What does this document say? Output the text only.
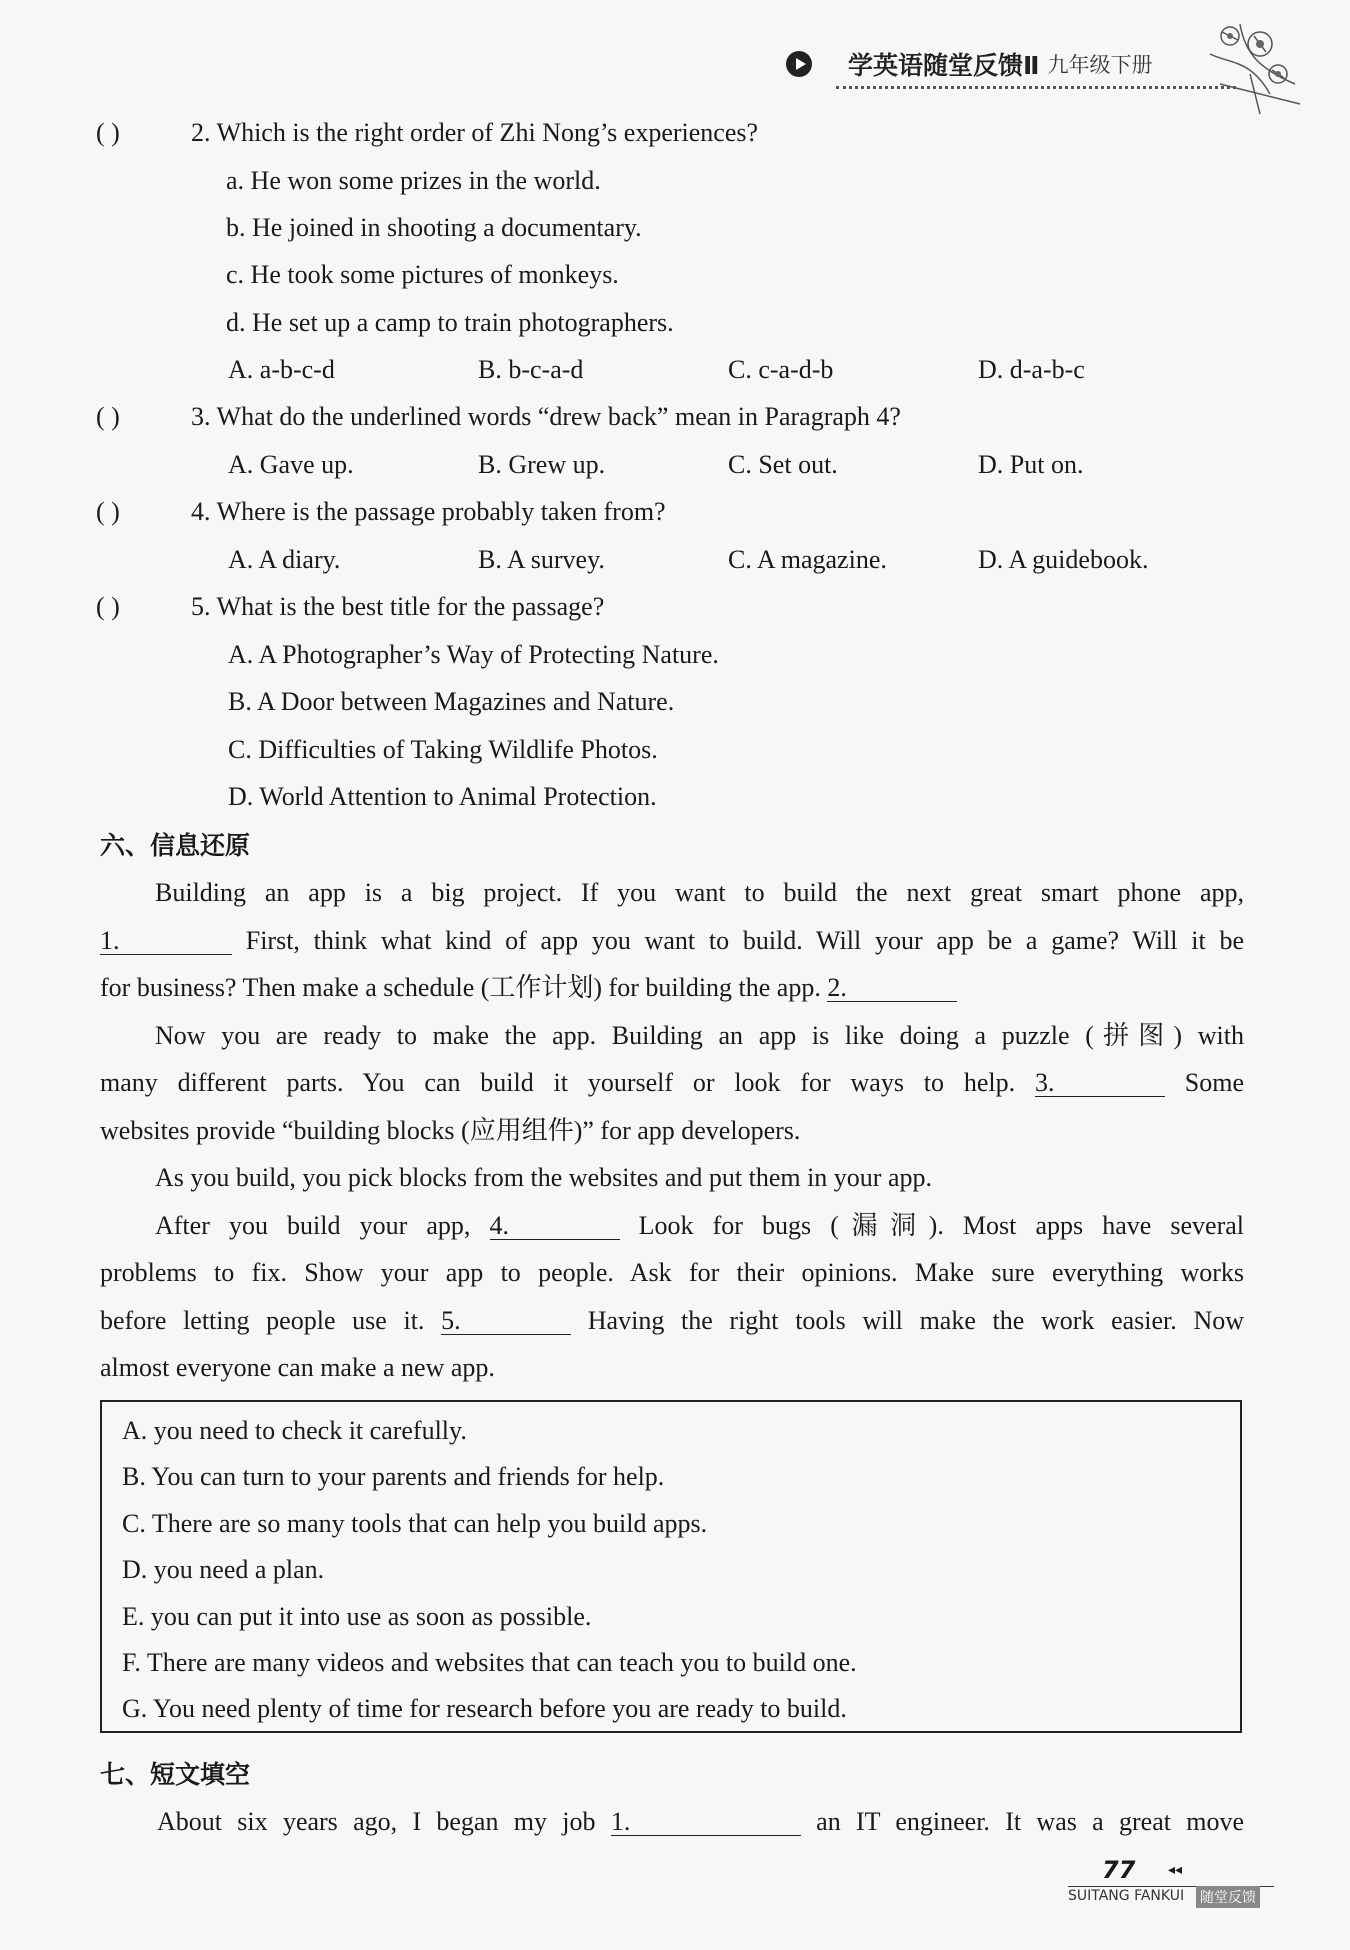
学英语随堂反馈Ⅱ 九年级下册
( )	2. Which is the right order of Zhi Nong’s experiences?
a. He won some prizes in the world.
b. He joined in shooting a documentary.
c. He took some pictures of monkeys.
d. He set up a camp to train photographers.
A. a-b-c-d	B. b-c-a-d	C. c-a-d-b	D. d-a-b-c
( )	3. What do the underlined words “drew back” mean in Paragraph 4?
A. Gave up.	B. Grew up.	C. Set out.	D. Put on.
( )	4. Where is the passage probably taken from?
A. A diary.	B. A survey.	C. A magazine.	D. A guidebook.
( )	5. What is the best title for the passage?
A. A Photographer’s Way of Protecting Nature.
B. A Door between Magazines and Nature.
C. Difficulties of Taking Wildlife Photos.
D. World Attention to Animal Protection.
六、信息还原
Building an app is a big project. If you want to build the next great smart phone app,
1.	First, think what kind of app you want to build. Will your app be a game? Will it be
for business? Then make a schedule (工作计划) for building the app. 2.
Now you are ready to make the app. Building an app is like doing a puzzle (拼图) with
many different parts. You can build it yourself or look for ways to help. 3.	Some
websites provide “building blocks (应用组件)” for app developers.
As you build, you pick blocks from the websites and put them in your app.
After you build your app, 4.	Look for bugs (漏洞). Most apps have several
problems to fix. Show your app to people. Ask for their opinions. Make sure everything works
before letting people use it. 5.	Having the right tools will make the work easier. Now
almost everyone can make a new app.
A. you need to check it carefully.
B. You can turn to your parents and friends for help.
C. There are so many tools that can help you build apps.
D. you need a plan.
E. you can put it into use as soon as possible.
F. There are many videos and websites that can teach you to build one.
G. You need plenty of time for research before you are ready to build.
七、短文填空
About six years ago, I began my job 1.	an IT engineer. It was a great move
77 ◂◂
SUITANG FANKUI 随堂反馈
